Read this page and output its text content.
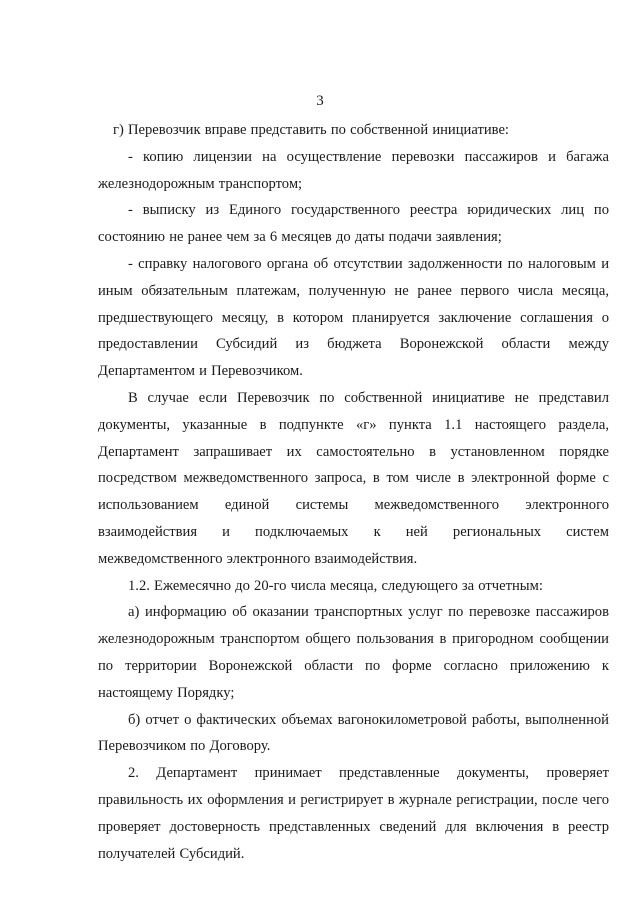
3

г) Перевозчик вправе представить по собственной инициативе:

- копию лицензии на осуществление перевозки пассажиров и багажа железнодорожным транспортом;

- выписку из Единого государственного реестра юридических лиц по состоянию не ранее чем за 6 месяцев до даты подачи заявления;

- справку налогового органа об отсутствии задолженности по налоговым и иным обязательным платежам, полученную не ранее первого числа месяца, предшествующего месяцу, в котором планируется заключение соглашения о предоставлении Субсидий из бюджета Воронежской области между Департаментом и Перевозчиком.

В случае если Перевозчик по собственной инициативе не представил документы, указанные в подпункте «г» пункта 1.1 настоящего раздела, Департамент запрашивает их самостоятельно в установленном порядке посредством межведомственного запроса, в том числе в электронной форме с использованием единой системы межведомственного электронного взаимодействия и подключаемых к ней региональных систем межведомственного электронного взаимодействия.

1.2. Ежемесячно до 20-го числа месяца, следующего за отчетным:

а) информацию об оказании транспортных услуг по перевозке пассажиров железнодорожным транспортом общего пользования в пригородном сообщении по территории Воронежской области по форме согласно приложению к настоящему Порядку;

б) отчет о фактических объемах вагонокилометровой работы, выполненной Перевозчиком по Договору.

2. Департамент принимает представленные документы, проверяет правильность их оформления и регистрирует в журнале регистрации, после чего проверяет достоверность представленных сведений для включения в реестр получателей Субсидий.
